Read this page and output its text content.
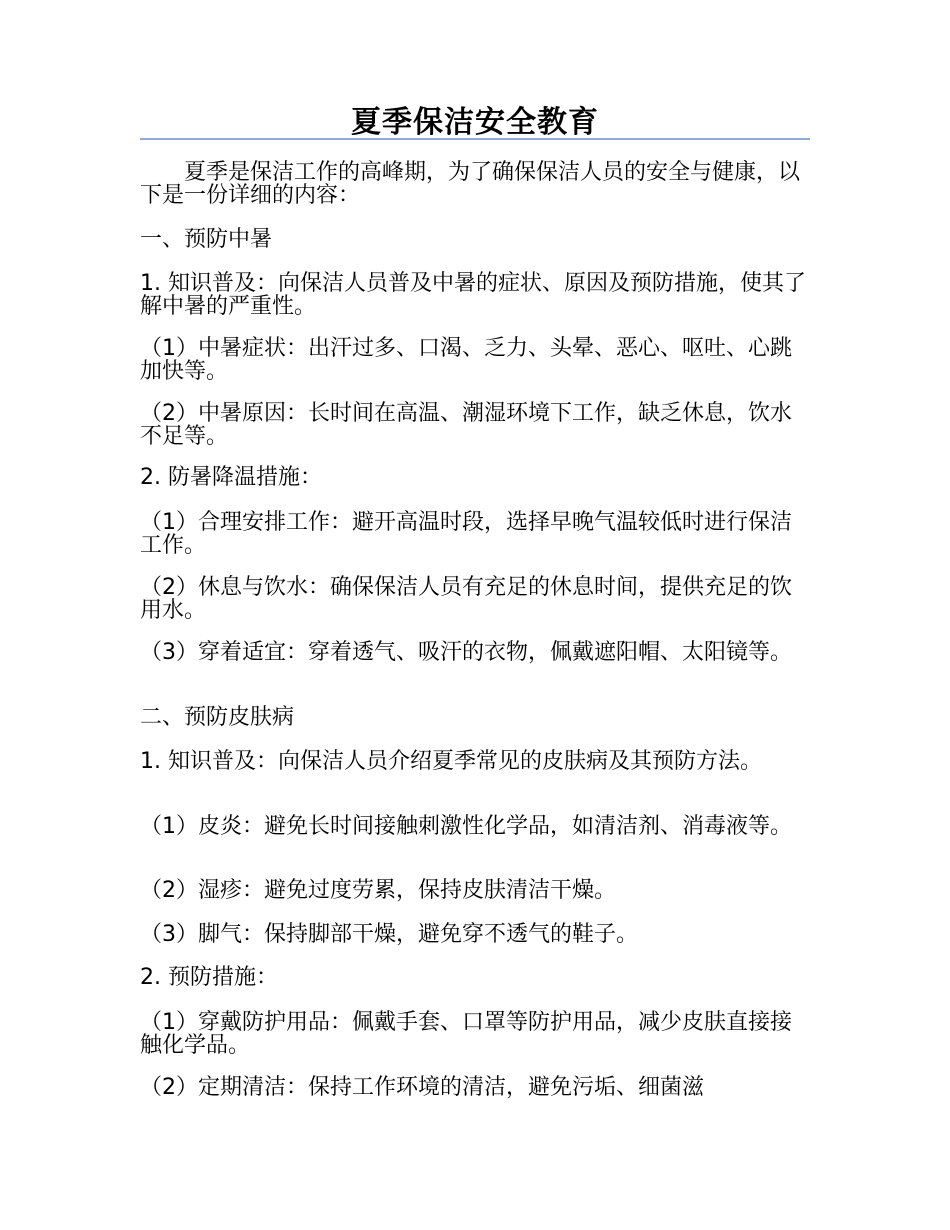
夏季保洁安全教育

夏季是保洁工作的高峰期，为了确保保洁人员的安全与健康，以下是一份详细的内容：

一、预防中暑

1. 知识普及：向保洁人员普及中暑的症状、原因及预防措施，使其了解中暑的严重性。

（1）中暑症状：出汗过多、口渴、乏力、头晕、恶心、呕吐、心跳加快等。

（2）中暑原因：长时间在高温、潮湿环境下工作，缺乏休息，饮水不足等。

2. 防暑降温措施：

（1）合理安排工作：避开高温时段，选择早晚气温较低时进行保洁工作。

（2）休息与饮水：确保保洁人员有充足的休息时间，提供充足的饮用水。

（3）穿着适宜：穿着透气、吸汗的衣物，佩戴遮阳帽、太阳镜等。

二、预防皮肤病

1. 知识普及：向保洁人员介绍夏季常见的皮肤病及其预防方法。

（1）皮炎：避免长时间接触刺激性化学品，如清洁剂、消毒液等。

（2）湿疹：避免过度劳累，保持皮肤清洁干燥。

（3）脚气：保持脚部干燥，避免穿不透气的鞋子。

2. 预防措施：

（1）穿戴防护用品：佩戴手套、口罩等防护用品，减少皮肤直接接触化学品。

（2）定期清洁：保持工作环境的清洁，避免污垢、细菌滋
